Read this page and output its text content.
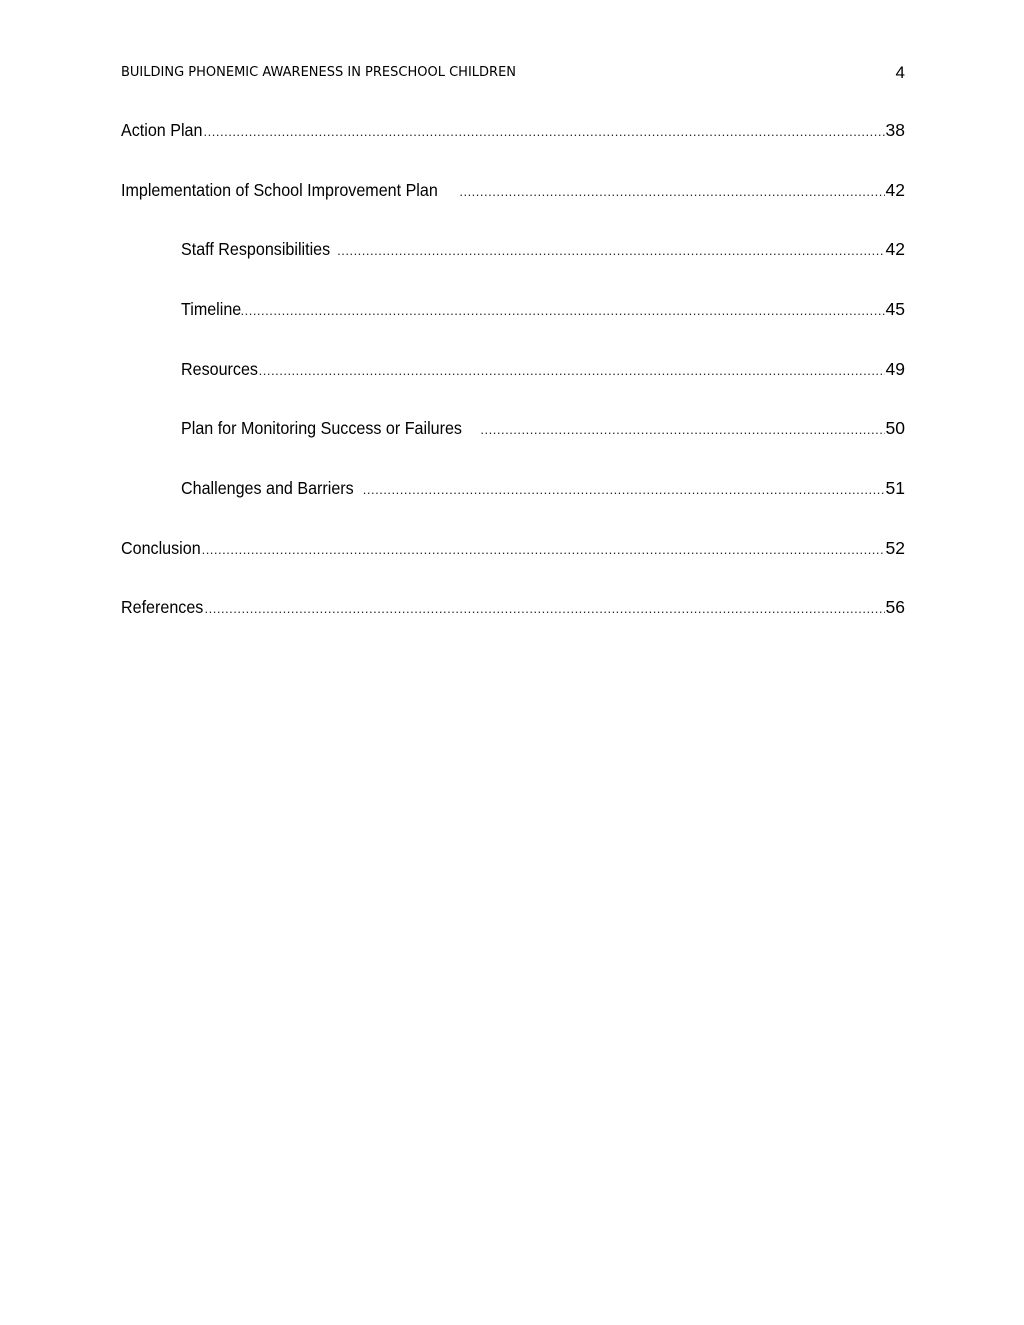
BUILDING PHONEMIC AWARENESS IN PRESCHOOL CHILDREN	4
Action Plan .....	38
Implementation of School Improvement Plan .....	42
Staff Responsibilities .....	42
Timeline .....	45
Resources .....	49
Plan for Monitoring Success or Failures .....	50
Challenges and Barriers .....	51
Conclusion .....	52
References .....	56
